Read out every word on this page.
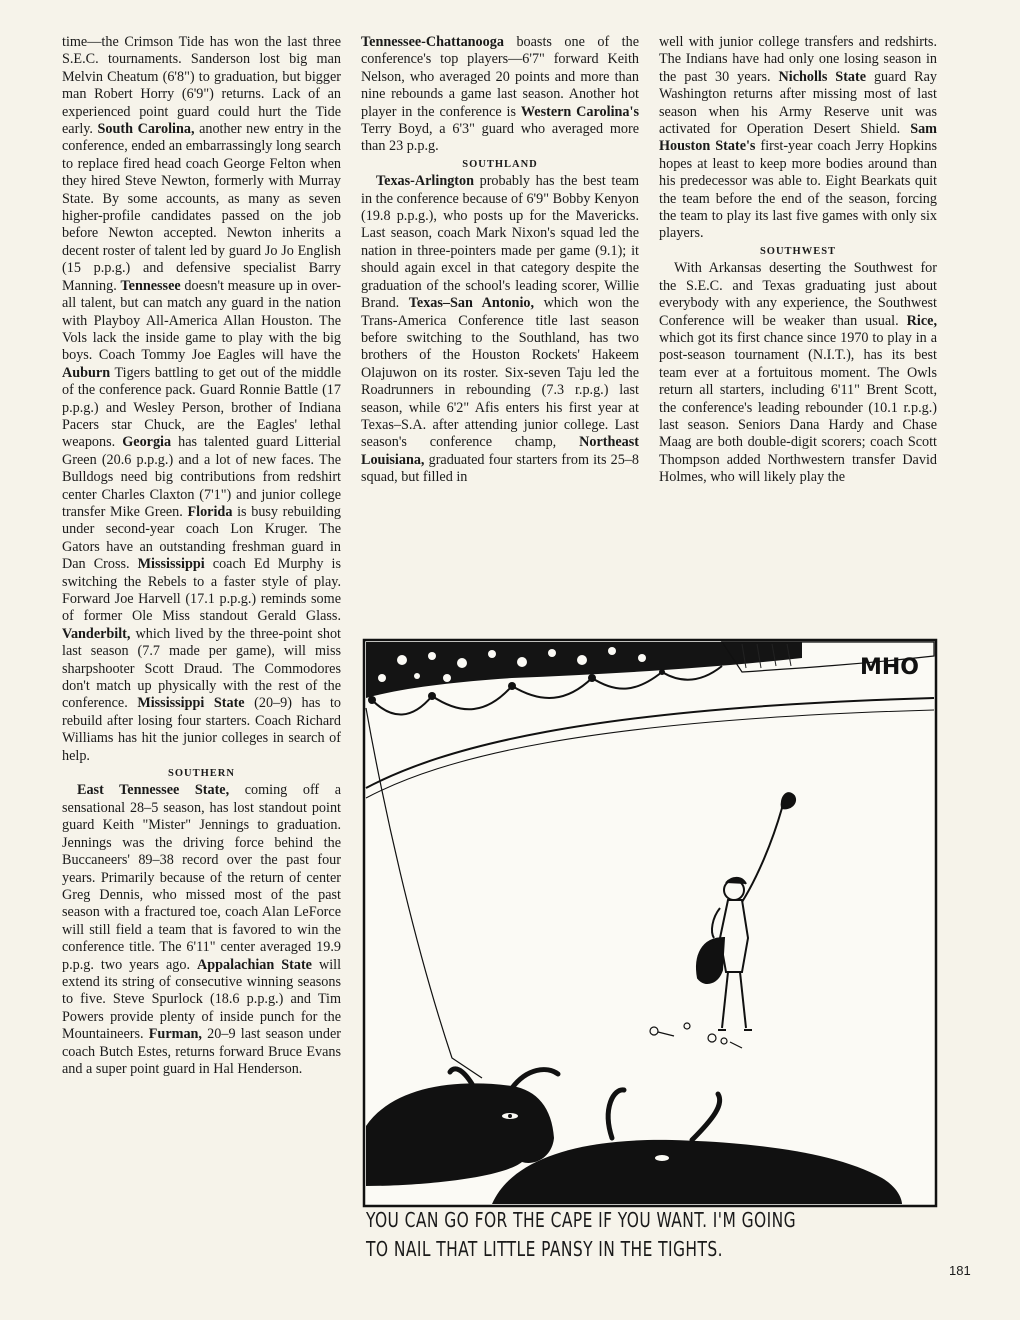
time—the Crimson Tide has won the last three S.E.C. tournaments. Sanderson lost big man Melvin Cheatum (6'8") to graduation, but bigger man Robert Horry (6'9") returns. Lack of an experienced point guard could hurt the Tide early. South Carolina, another new entry in the conference, ended an embarrassingly long search to replace fired head coach George Felton when they hired Steve Newton, formerly with Murray State. By some accounts, as many as seven higher-profile candidates passed on the job before Newton accepted. Newton inherits a decent roster of talent led by guard Jo Jo English (15 p.p.g.) and defensive specialist Barry Manning. Tennessee doesn't measure up in over-all talent, but can match any guard in the nation with Playboy All-America Allan Houston. The Vols lack the inside game to play with the big boys. Coach Tommy Joe Eagles will have the Auburn Tigers battling to get out of the middle of the conference pack. Guard Ronnie Battle (17 p.p.g.) and Wesley Person, brother of Indiana Pacers star Chuck, are the Eagles' lethal weapons. Georgia has talented guard Litterial Green (20.6 p.p.g.) and a lot of new faces. The Bulldogs need big contributions from redshirt center Charles Claxton (7'1") and junior college transfer Mike Green. Florida is busy rebuilding under second-year coach Lon Kruger. The Gators have an outstanding freshman guard in Dan Cross. Mississippi coach Ed Murphy is switching the Rebels to a faster style of play. Forward Joe Harvell (17.1 p.p.g.) reminds some of former Ole Miss standout Gerald Glass. Vanderbilt, which lived by the three-point shot last season (7.7 made per game), will miss sharpshooter Scott Draud. The Commodores don't match up physically with the rest of the conference. Mississippi State (20–9) has to rebuild after losing four starters. Coach Richard Williams has hit the junior colleges in search of help.

SOUTHERN

East Tennessee State, coming off a sensational 28–5 season, has lost standout point guard Keith "Mister" Jennings to graduation. Jennings was the driving force behind the Buccaneers' 89–38 record over the past four years. Primarily because of the return of center Greg Dennis, who missed most of the past season with a fractured toe, coach Alan LeForce will still field a team that is favored to win the conference title. The 6'11" center averaged 19.9 p.p.g. two years ago. Appalachian State will extend its string of consecutive winning seasons to five. Steve Spurlock (18.6 p.p.g.) and Tim Powers provide plenty of inside punch for the Mountaineers. Furman, 20–9 last season under coach Butch Estes, returns forward Bruce Evans and a super point guard in Hal Henderson.

Tennessee-Chattanooga boasts one of the conference's top players—6'7" forward Keith Nelson, who averaged 20 points and more than nine rebounds a game last season. Another hot player in the conference is Western Carolina's Terry Boyd, a 6'3" guard who averaged more than 23 p.p.g.

SOUTHLAND

Texas-Arlington probably has the best team in the conference because of 6'9" Bobby Kenyon (19.8 p.p.g.), who posts up for the Mavericks. Last season, coach Mark Nixon's squad led the nation in three-pointers made per game (9.1); it should again excel in that category despite the graduation of the school's leading scorer, Willie Brand. Texas–San Antonio, which won the Trans-America Conference title last season before switching to the Southland, has two brothers of the Houston Rockets' Hakeem Olajuwon on its roster. Six-seven Taju led the Roadrunners in rebounding (7.3 r.p.g.) last season, while 6'2" Afis enters his first year at Texas–S.A. after attending junior college. Last season's conference champ, Northeast Louisiana, graduated four starters from its 25–8 squad, but filled in

well with junior college transfers and redshirts. The Indians have had only one losing season in the past 30 years. Nicholls State guard Ray Washington returns after missing most of last season when his Army Reserve unit was activated for Operation Desert Shield. Sam Houston State's first-year coach Jerry Hopkins hopes at least to keep more bodies around than his predecessor was able to. Eight Bearkats quit the team before the end of the season, forcing the team to play its last five games with only six players.

SOUTHWEST

With Arkansas deserting the Southwest for the S.E.C. and Texas graduating just about everybody with any experience, the Southwest Conference will be weaker than usual. Rice, which got its first chance since 1970 to play in a post-season tournament (N.I.T.), has its best team ever at a fortuitous moment. The Owls return all starters, including 6'11" Brent Scott, the conference's leading rebounder (10.1 r.p.g.) last season. Seniors Dana Hardy and Chase Maag are both double-digit scorers; coach Scott Thompson added Northwestern transfer David Holmes, who will likely play the

MHO
YOU CAN GO FOR THE CAPE IF YOU WANT. I'M GOING
TO NAIL THAT LITTLE PANSY IN THE TIGHTS.
181
